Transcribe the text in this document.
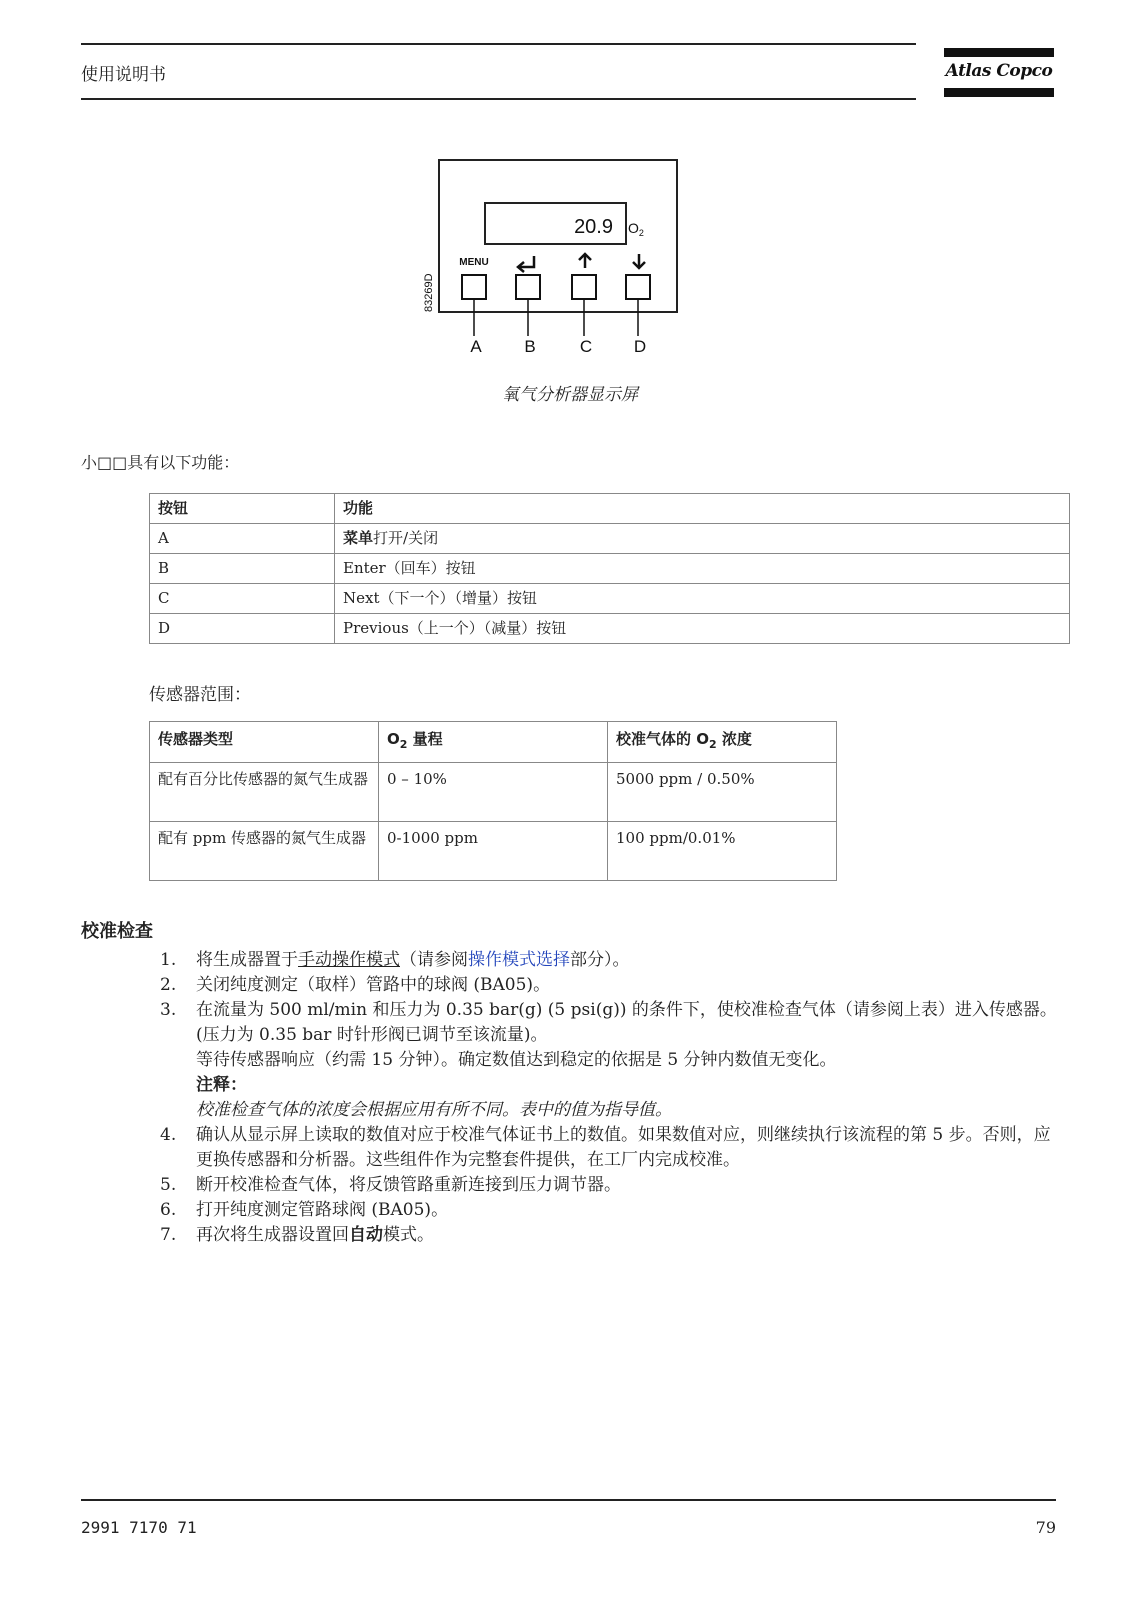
使用说明书	Atlas Copco
20.9 $O_2$
83269D
MENU
A	B	C D
氧气分析器显示屏
小□□具有以下功能：
按钮	功能
A	菜单打开/关闭
B	Enter（回车）按钮
C	Next（下一个）（增量）按钮
D	Previous（上一个）（减量）按钮
传感器范围：
传感器类型	$O_2$ 量程	校准气体的 $O_2$ 浓度
配有百分比传感器的氮气生成器	0 – 10%	5000 ppm / 0.50%
配有 ppm 传感器的氮气生成器	0-1000 ppm	100 ppm/0.01%
校准检查
1. 将生成器置于手动操作模式（请参阅操作模式选择部分）。
2. 关闭纯度测定（取样）管路中的球阀 (BA05)。
3. 在流量为 500 ml/min 和压力为 0.35 bar(g) (5 psi(g)) 的条件下，使校准检查气体（请参阅上表）进入传感器。(压力为 0.35 bar 时针形阀已调节至该流量)。
等待传感器响应（约需 15 分钟）。确定数值达到稳定的依据是 5 分钟内数值无变化。
注释：
校准检查气体的浓度会根据应用有所不同。表中的值为指导值。
4. 确认从显示屏上读取的数值对应于校准气体证书上的数值。如果数值对应，则继续执行该流程的第 5 步。否则，应更换传感器和分析器。这些组件作为完整套件提供，在工厂内完成校准。
5. 断开校准检查气体，将反馈管路重新连接到压力调节器。
6. 打开纯度测定管路球阀 (BA05)。
7. 再次将生成器设置回自动模式。
2991 7170 71	79
